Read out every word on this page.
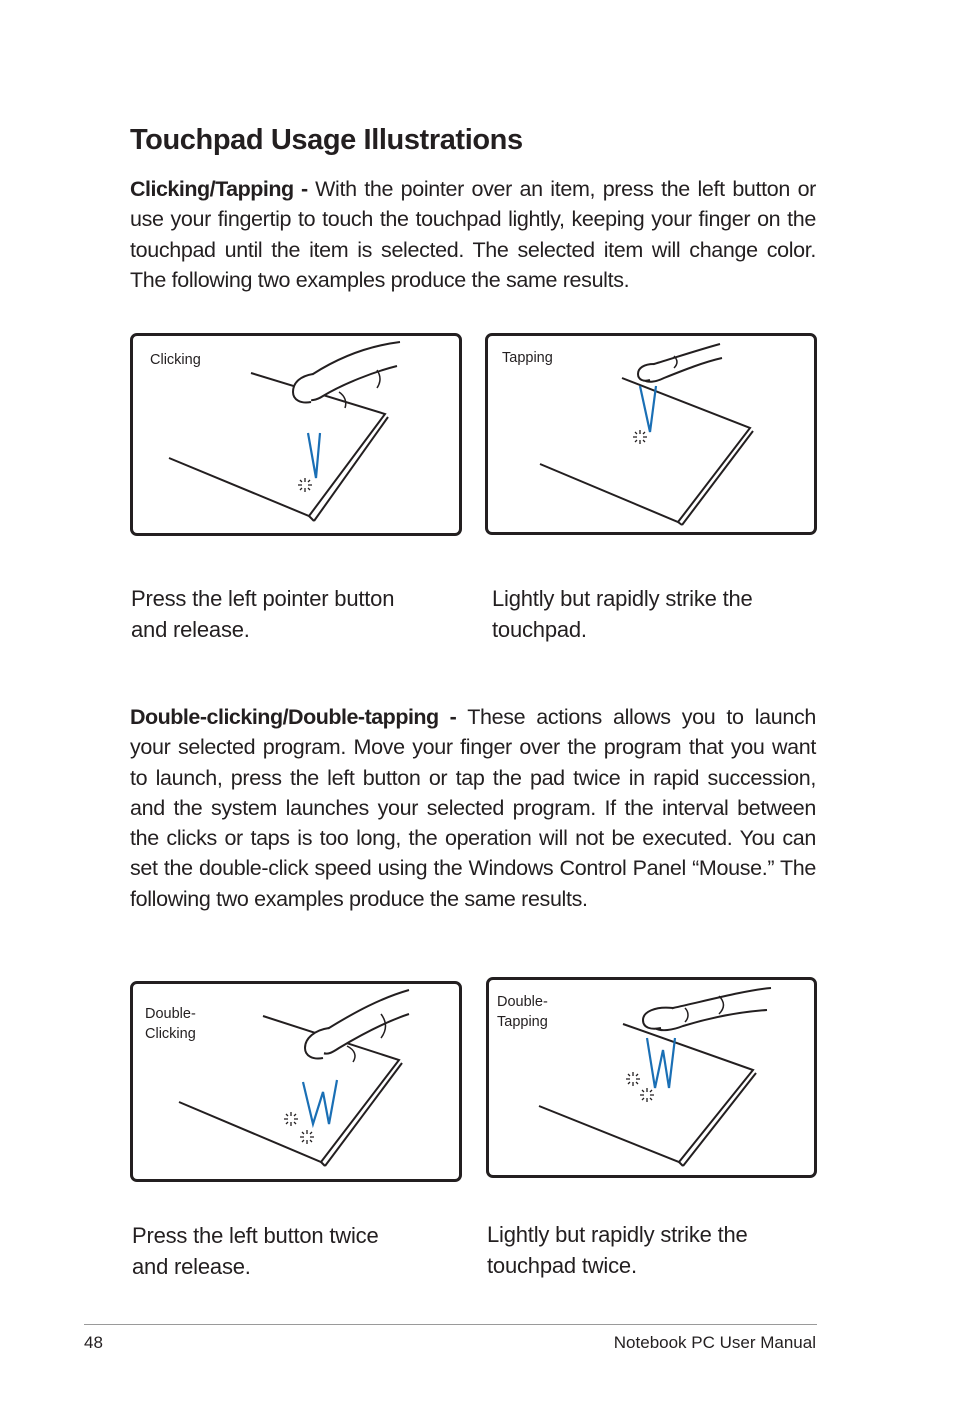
Touchpad Usage Illustrations

Clicking/Tapping - With the pointer over an item, press the left button or use your fingertip to touch the touchpad lightly, keeping your finger on the touchpad until the item is selected. The selected item will change color. The following two examples produce the same results.

Clicking	Tapping

Press the left pointer button
and release.

Lightly but rapidly strike the
touchpad.

Double-clicking/Double-tapping - These actions allows you to launch your selected program. Move your finger over the program that you want to launch, press the left button or tap the pad twice in rapid succession, and the system launches your selected program. If the interval between the clicks or taps is too long, the operation will not be executed. You can set the double-click speed using the Windows Control Panel “Mouse.” The following two examples produce the same results.

Double-
Clicking
Double-
Tapping

Press the left button twice
and release.

Lightly but rapidly strike the
touchpad twice.

48	Notebook PC User Manual
